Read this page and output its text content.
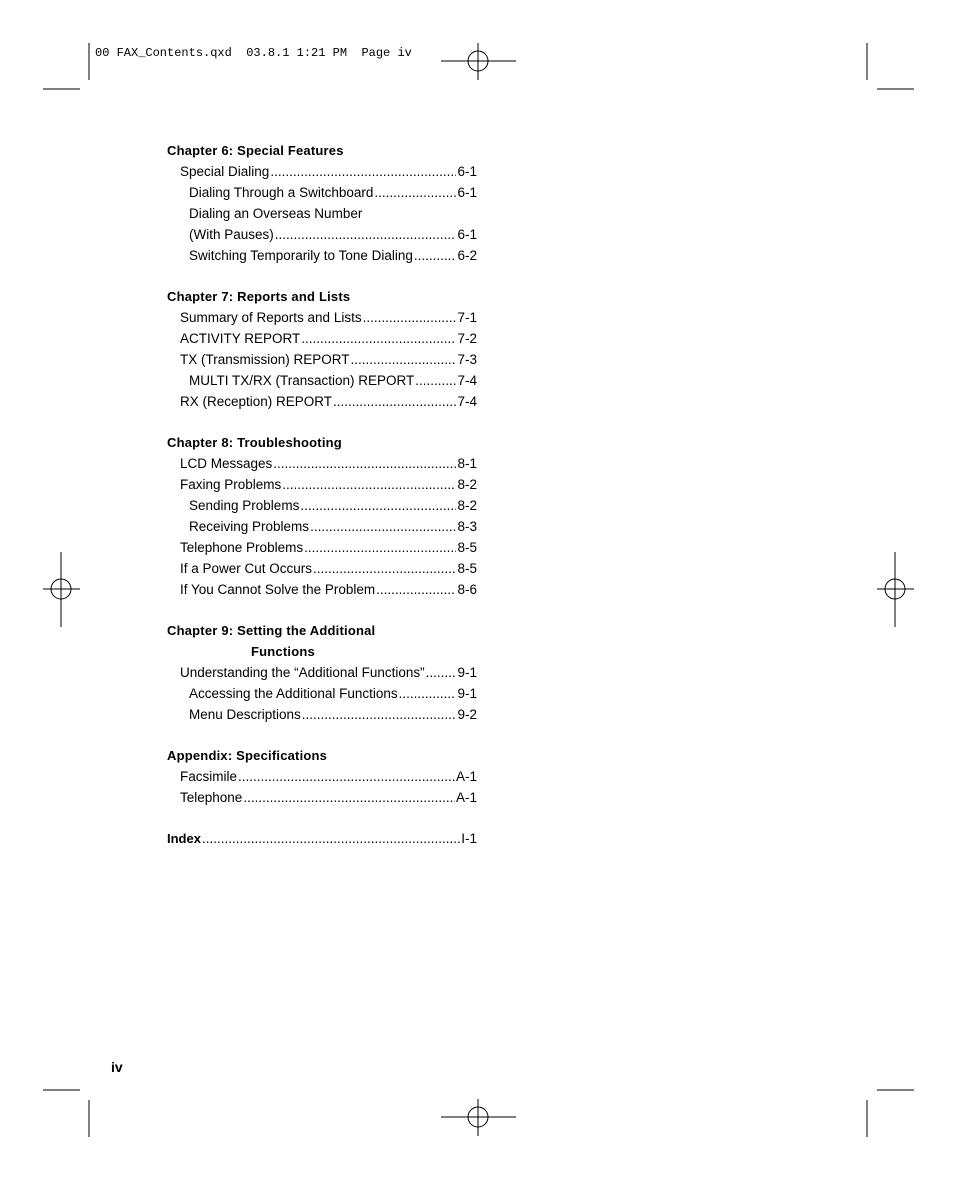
00 FAX_Contents.qxd  03.8.1 1:21 PM  Page iv
Chapter 6: Special Features
Special Dialing .....	6-1
Dialing Through a Switchboard .....	6-1
Dialing an Overseas Number
(With Pauses) .....	6-1
Switching Temporarily to Tone Dialing .....	6-2
Chapter 7: Reports and Lists
Summary of Reports and Lists .....	7-1
ACTIVITY REPORT .....	7-2
TX (Transmission) REPORT .....	7-3
MULTI TX/RX (Transaction) REPORT .....	7-4
RX (Reception) REPORT .....	7-4
Chapter 8: Troubleshooting
LCD Messages .....	8-1
Faxing Problems .....	8-2
Sending Problems .....	8-2
Receiving Problems .....	8-3
Telephone Problems .....	8-5
If a Power Cut Occurs .....	8-5
If You Cannot Solve the Problem .....	8-6
Chapter 9: Setting the Additional
Functions
Understanding the “Additional Functions” ..... 9-1
Accessing the Additional Functions .....	9-1
Menu Descriptions .....	9-2
Appendix: Specifications
Facsimile .....	A-1
Telephone .....	A-1
Index .....	I-1
iv
